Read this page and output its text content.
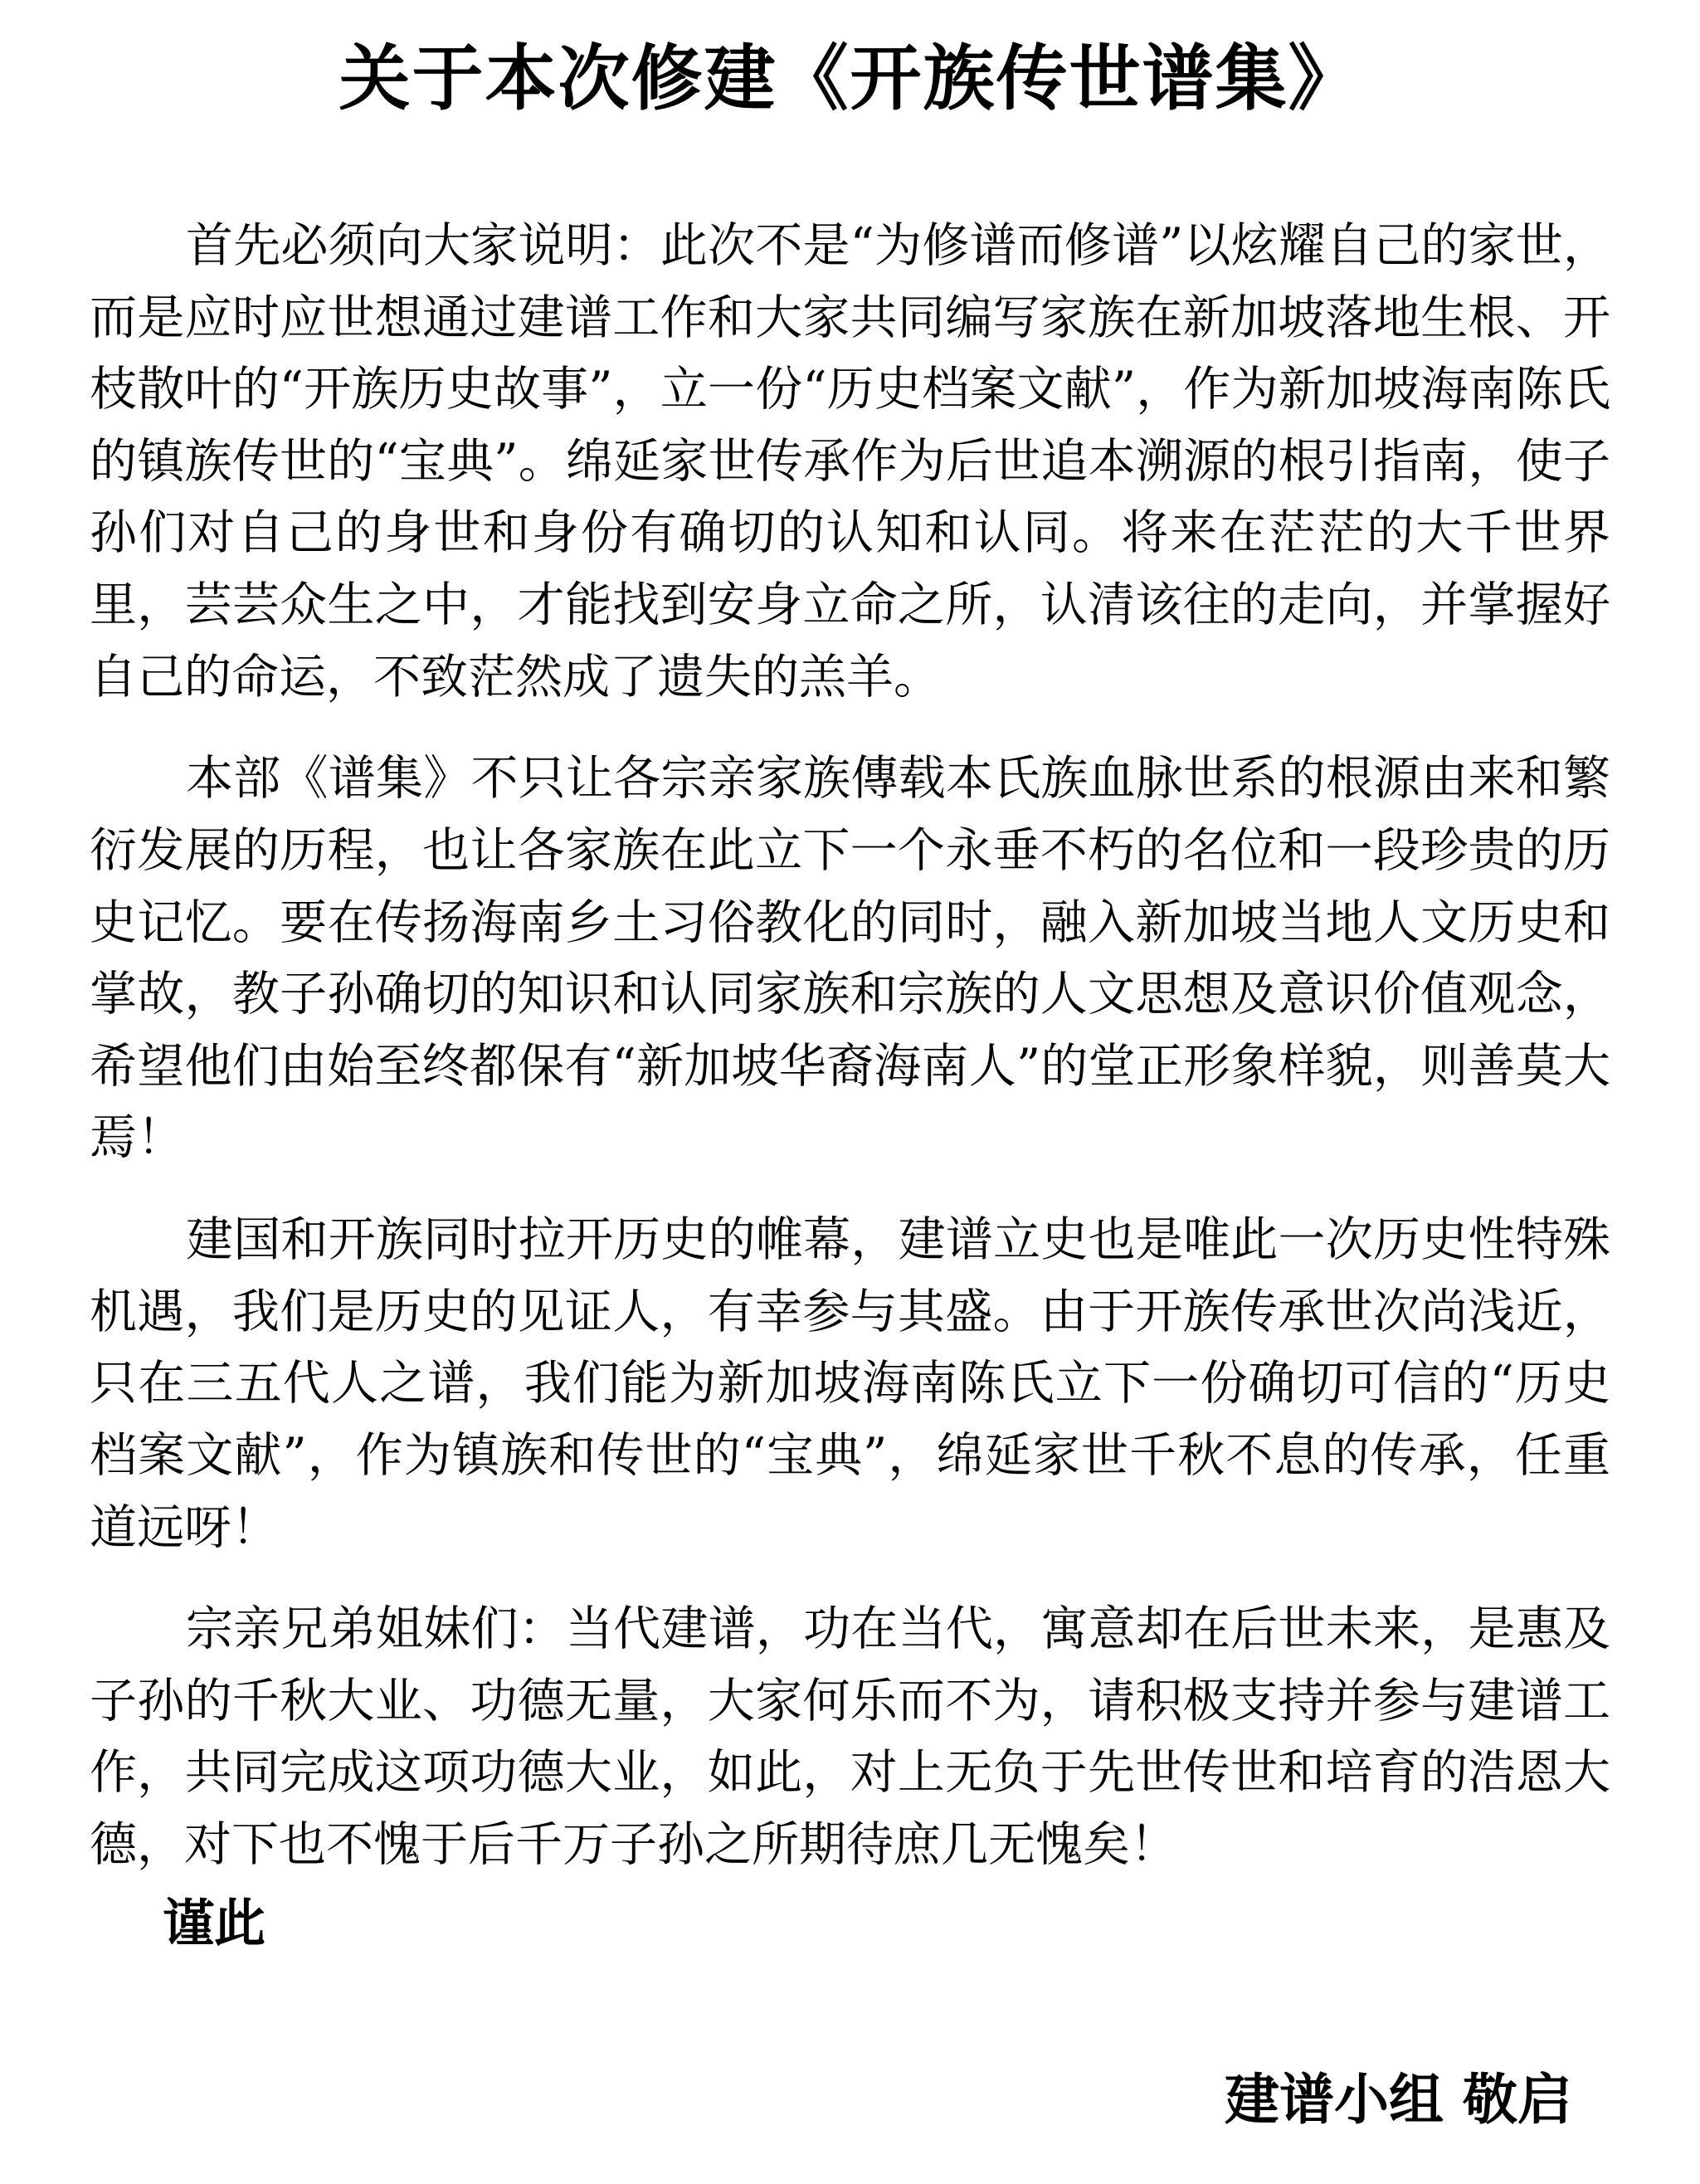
关于本次修建《开族传世谱集》

首先必须向大家说明：此次不是“为修谱而修谱”以炫耀自己的家世，而是应时应世想通过建谱工作和大家共同编写家族在新加坡落地生根、开枝散叶的“开族历史故事”，立一份“历史档案文献”，作为新加坡海南陈氏的镇族传世的“宝典”。绵延家世传承作为后世追本溯源的根引指南，使子孙们对自己的身世和身份有确切的认知和认同。将来在茫茫的大千世界里，芸芸众生之中，才能找到安身立命之所，认清该往的走向，并掌握好自己的命运，不致茫然成了遗失的羔羊。

本部《谱集》不只让各宗亲家族傳载本氏族血脉世系的根源由来和繁衍发展的历程，也让各家族在此立下一个永垂不朽的名位和一段珍贵的历史记忆。要在传扬海南乡土习俗教化的同时，融入新加坡当地人文历史和掌故，教子孙确切的知识和认同家族和宗族的人文思想及意识价值观念，希望他们由始至终都保有“新加坡华裔海南人”的堂正形象样貌，则善莫大焉！

建国和开族同时拉开历史的帷幕，建谱立史也是唯此一次历史性特殊机遇，我们是历史的见证人，有幸参与其盛。由于开族传承世次尚浅近，只在三五代人之谱，我们能为新加坡海南陈氏立下一份确切可信的“历史档案文献”，作为镇族和传世的“宝典”，绵延家世千秋不息的传承，任重道远呀！

宗亲兄弟姐妹们：当代建谱，功在当代，寓意却在后世未来，是惠及子孙的千秋大业、功德无量，大家何乐而不为，请积极支持并参与建谱工作，共同完成这项功德大业，如此，对上无负于先世传世和培育的浩恩大德，对下也不愧于后千万子孙之所期待庶几无愧矣！

谨此
建谱小组 敬启
